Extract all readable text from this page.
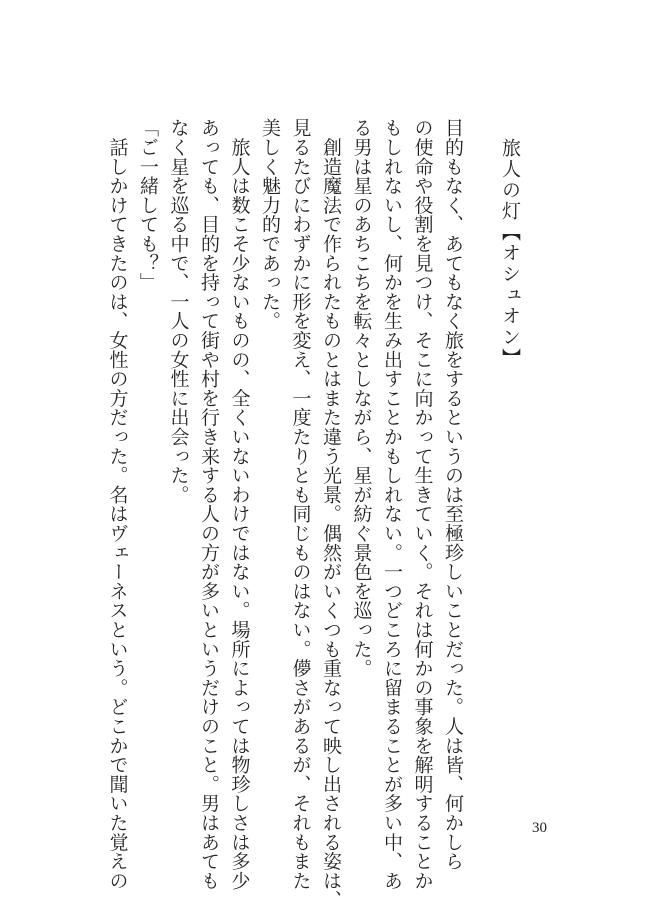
旅人の灯【オシュオン】

目的もなく、あてもなく旅をするというのは至極珍しいことだった。人は皆、何かしら

の使命や役割を見つけ、そこに向かって生きていく。それは何かの事象を解明することか

もしれないし、何かを生み出すことかもしれない。一つどころに留まることが多い中、あ

る男は星のあちこちを転々としながら、星が紡ぐ景色を巡った。

　創造魔法で作られたものとはまた違う光景。偶然がいくつも重なって映し出される姿は、

見るたびにわずかに形を変え、一度たりとも同じものはない。儚さがあるが、それもまた

美しく魅力的であった。

　旅人は数こそ少ないものの、全くいないわけではない。場所によっては物珍しさは多少

あっても、目的を持って街や村を行き来する人の方が多いというだけのこと。男はあても

なく星を巡る中で、一人の女性に出会った。

「ご一緒しても？」

　話しかけてきたのは、女性の方だった。名はヴェーネスという。どこかで聞いた覚えの	30
